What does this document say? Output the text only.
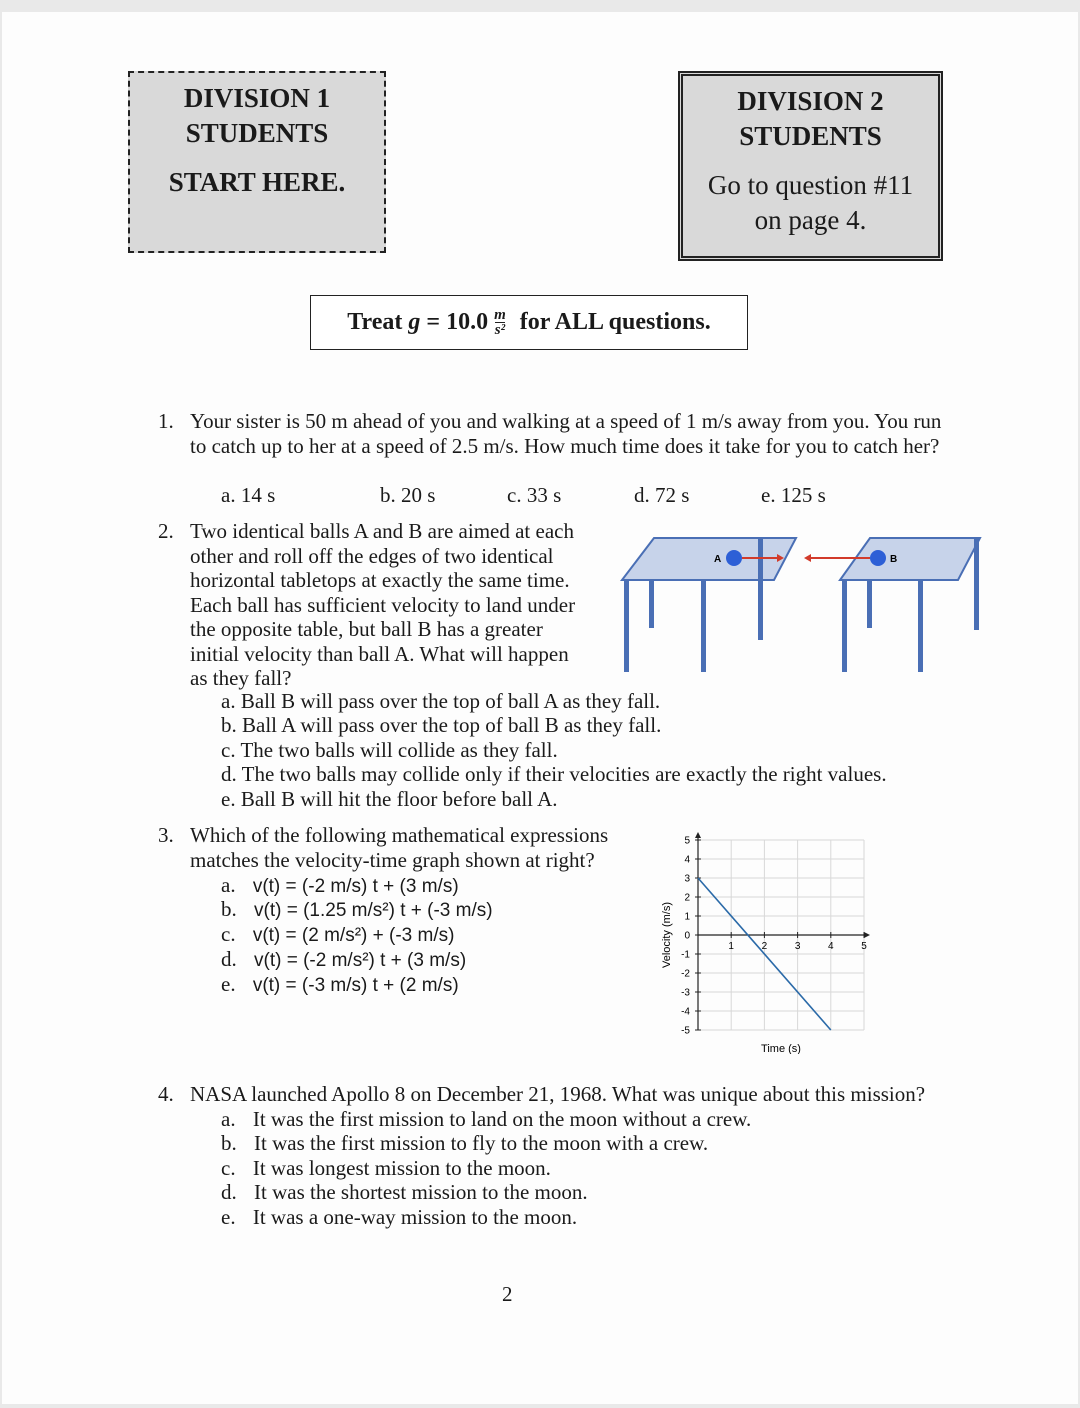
DIVISION 1
STUDENTS
START HERE.
DIVISION 2
STUDENTS
Go to question #11
on page 4.
Treat $g = 10.0 \frac{m}{\text{s²}}$ for ALL questions.
1. Your sister is 50 m ahead of you and walking at a speed of 1 m/s away from you. You run to catch up to her at a speed of 2.5 m/s. How much time does it take for you to catch her?
a. 14 s	b. 20 s	c. 33 s	d. 72 s	e. 125 s
2. Two identical balls A and B are aimed at each other and roll off the edges of two identical horizontal tabletops at exactly the same time. Each ball has sufficient velocity to land under the opposite table, but ball B has a greater initial velocity than ball A. What will happen as they fall?
A	B
a. Ball B will pass over the top of ball A as they fall.
b. Ball A will pass over the top of ball B as they fall.
c. The two balls will collide as they fall.
d. The two balls may collide only if their velocities are exactly the right values.
e. Ball B will hit the floor before ball A.
3. Which of the following mathematical expressions matches the velocity-time graph shown at right?
a. v(t) = (-2 m/s) t + (3 m/s)
b. v(t) = (1.25 m/s²) t + (-3 m/s)
c. v(t) = (2 m/s²) + (-3 m/s)
d. v(t) = (-2 m/s²) t + (3 m/s)
e. v(t) = (-3 m/s) t + (2 m/s)
5
4
3
2
1
0
-1
-2
-3
-4
-5
1	2	3	4	5
Velocity (m/s)
Time (s)
4. NASA launched Apollo 8 on December 21, 1968. What was unique about this mission?
a. It was the first mission to land on the moon without a crew.
b. It was the first mission to fly to the moon with a crew.
c. It was longest mission to the moon.
d. It was the shortest mission to the moon.
e. It was a one-way mission to the moon.
2
